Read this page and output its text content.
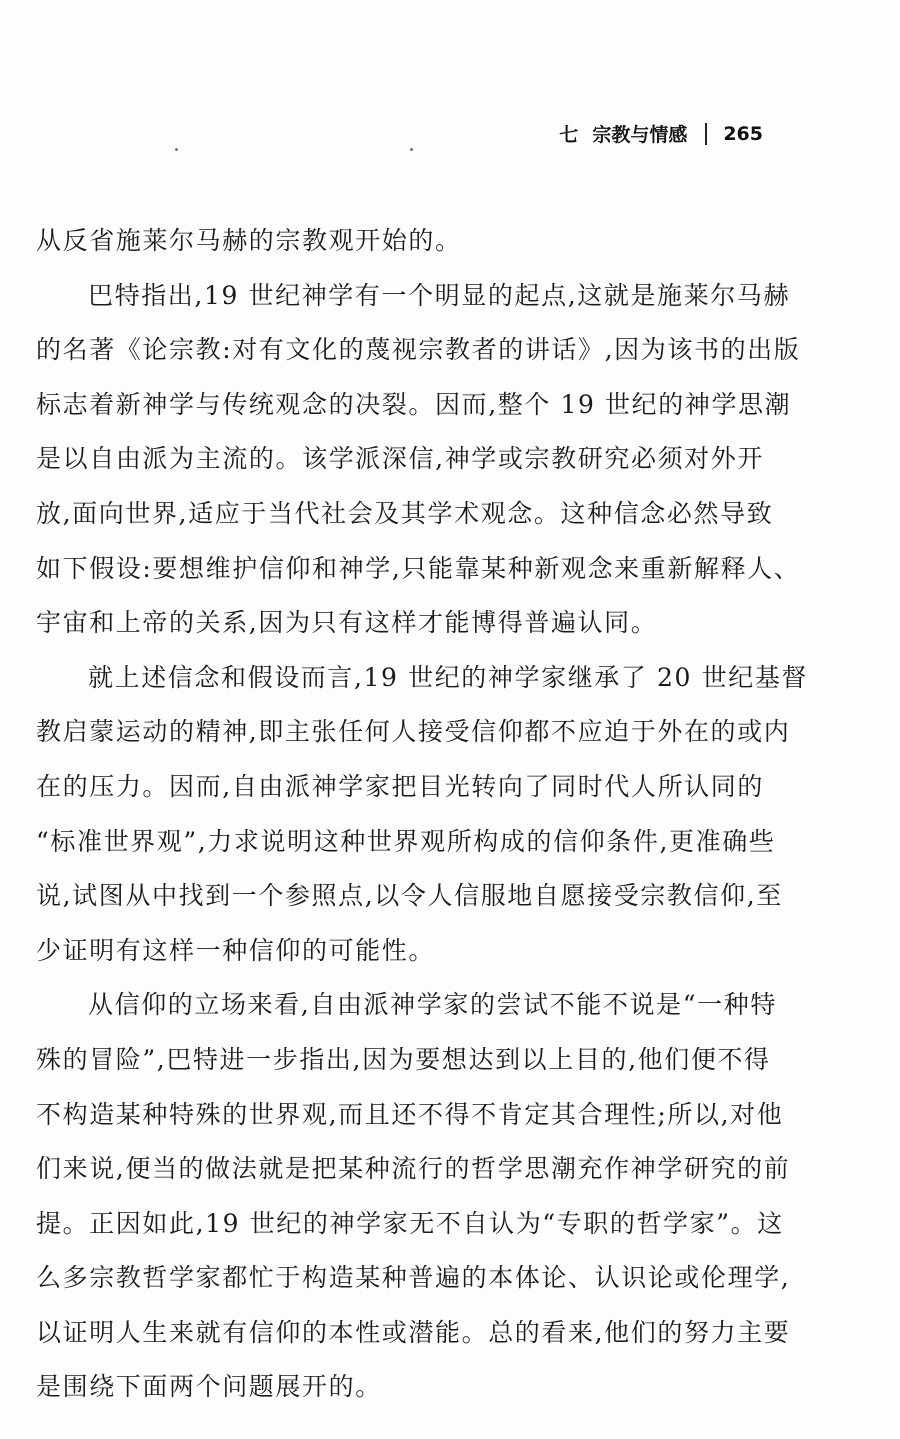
七 宗教与情感 265
从反省施莱尔马赫的宗教观开始的。
巴特指出,19 世纪神学有一个明显的起点,这就是施莱尔马赫
的名著《论宗教:对有文化的蔑视宗教者的讲话》,因为该书的出版
标志着新神学与传统观念的决裂。因而,整个 19 世纪的神学思潮
是以自由派为主流的。该学派深信,神学或宗教研究必须对外开
放,面向世界,适应于当代社会及其学术观念。这种信念必然导致
如下假设:要想维护信仰和神学,只能靠某种新观念来重新解释人、
宇宙和上帝的关系,因为只有这样才能博得普遍认同。
就上述信念和假设而言,19 世纪的神学家继承了 20 世纪基督
教启蒙运动的精神,即主张任何人接受信仰都不应迫于外在的或内
在的压力。因而,自由派神学家把目光转向了同时代人所认同的
“标准世界观”,力求说明这种世界观所构成的信仰条件,更准确些
说,试图从中找到一个参照点,以令人信服地自愿接受宗教信仰,至
少证明有这样一种信仰的可能性。
从信仰的立场来看,自由派神学家的尝试不能不说是“一种特
殊的冒险”,巴特进一步指出,因为要想达到以上目的,他们便不得
不构造某种特殊的世界观,而且还不得不肯定其合理性;所以,对他
们来说,便当的做法就是把某种流行的哲学思潮充作神学研究的前
提。正因如此,19 世纪的神学家无不自认为“专职的哲学家”。这
么多宗教哲学家都忙于构造某种普遍的本体论、认识论或伦理学,
以证明人生来就有信仰的本性或潜能。总的看来,他们的努力主要
是围绕下面两个问题展开的。
